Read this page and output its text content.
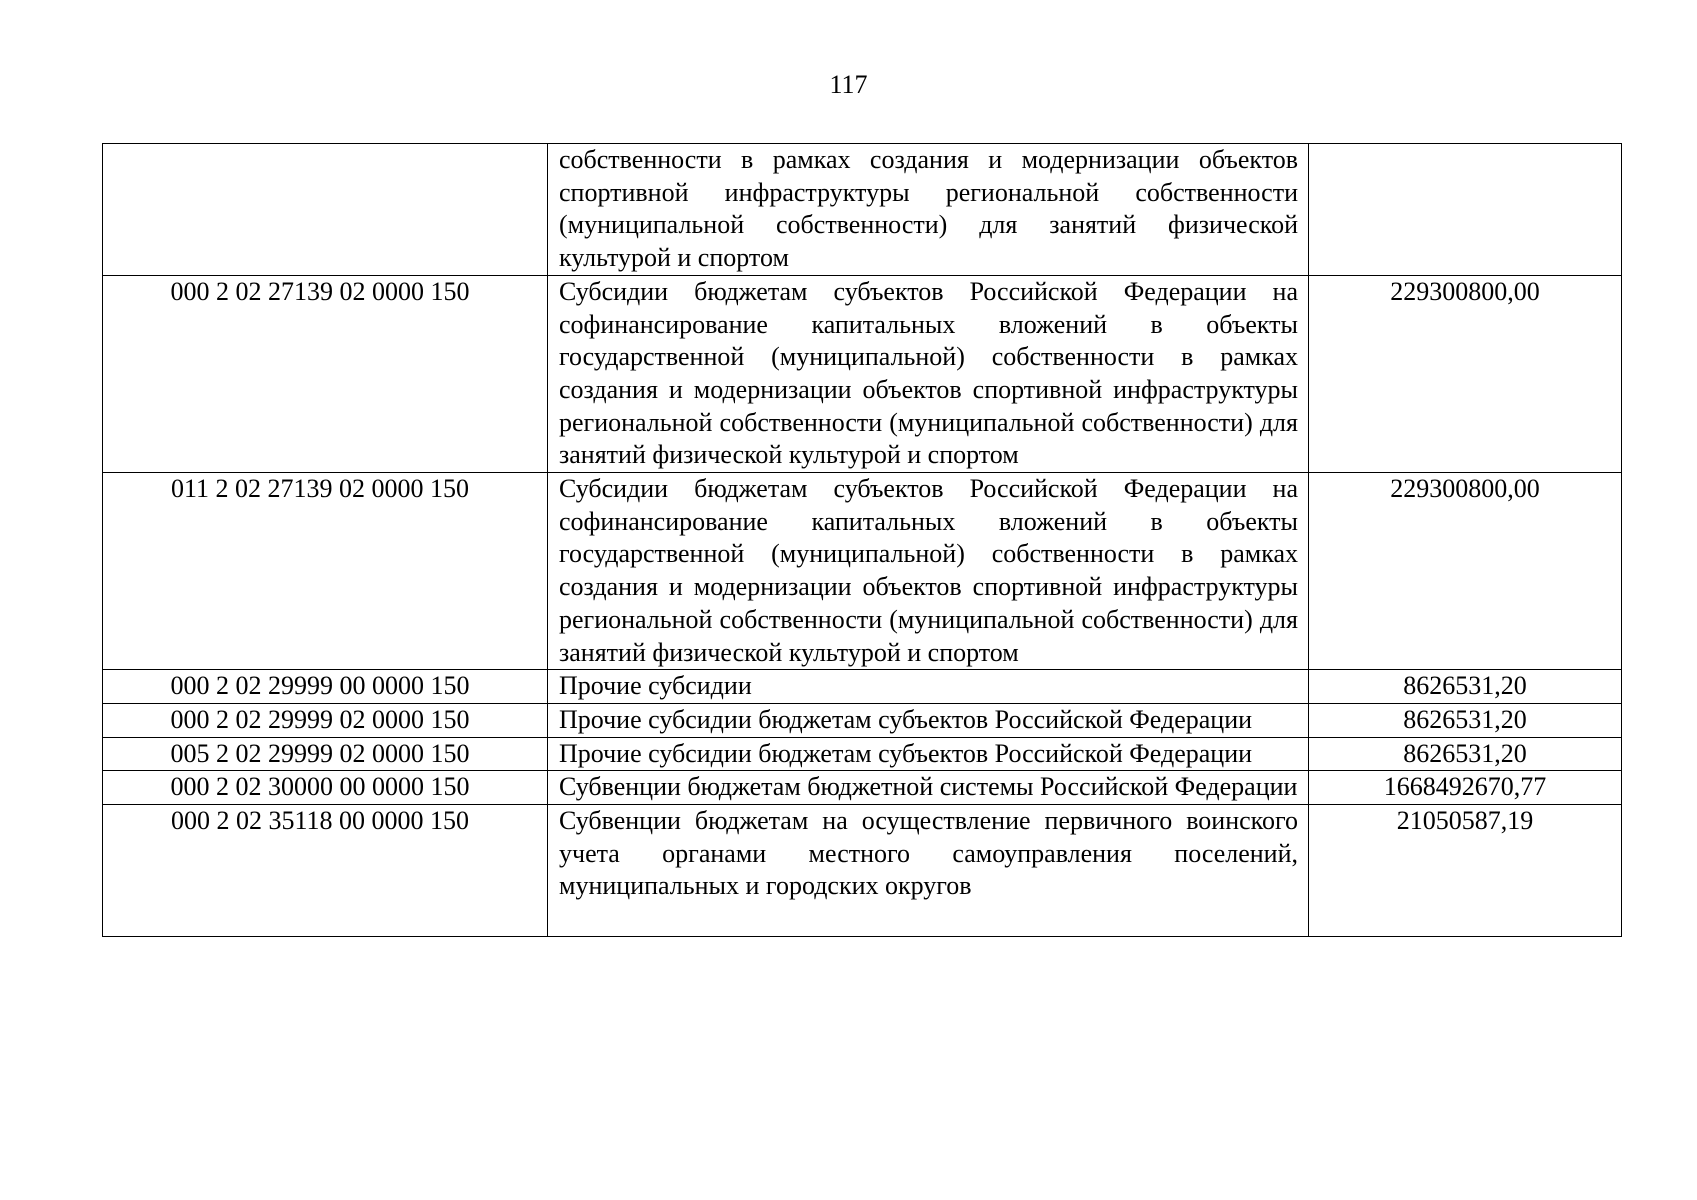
117
	собственности в рамках создания и модернизации объектов спортивной инфраструктуры региональной собственности (муниципальной собственности) для занятий физической культурой и спортом	
000 2 02 27139 02 0000 150	Субсидии бюджетам субъектов Российской Федерации на софинансирование капитальных вложений в объекты государственной (муниципальной) собственности в рамках создания и модернизации объектов спортивной инфраструктуры региональной собственности (муниципальной собственности) для занятий физической культурой и спортом	229300800,00
011 2 02 27139 02 0000 150	Субсидии бюджетам субъектов Российской Федерации на софинансирование капитальных вложений в объекты государственной (муниципальной) собственности в рамках создания и модернизации объектов спортивной инфраструктуры региональной собственности (муниципальной собственности) для занятий физической культурой и спортом	229300800,00
000 2 02 29999 00 0000 150	Прочие субсидии	8626531,20
000 2 02 29999 02 0000 150	Прочие субсидии бюджетам субъектов Российской Федерации	8626531,20
005 2 02 29999 02 0000 150	Прочие субсидии бюджетам субъектов Российской Федерации	8626531,20
000 2 02 30000 00 0000 150	Субвенции бюджетам бюджетной системы Российской Федерации	1668492670,77
000 2 02 35118 00 0000 150	Субвенции бюджетам на осуществление первичного воинского учета органами местного самоуправления поселений, муниципальных и городских округов	21050587,19
